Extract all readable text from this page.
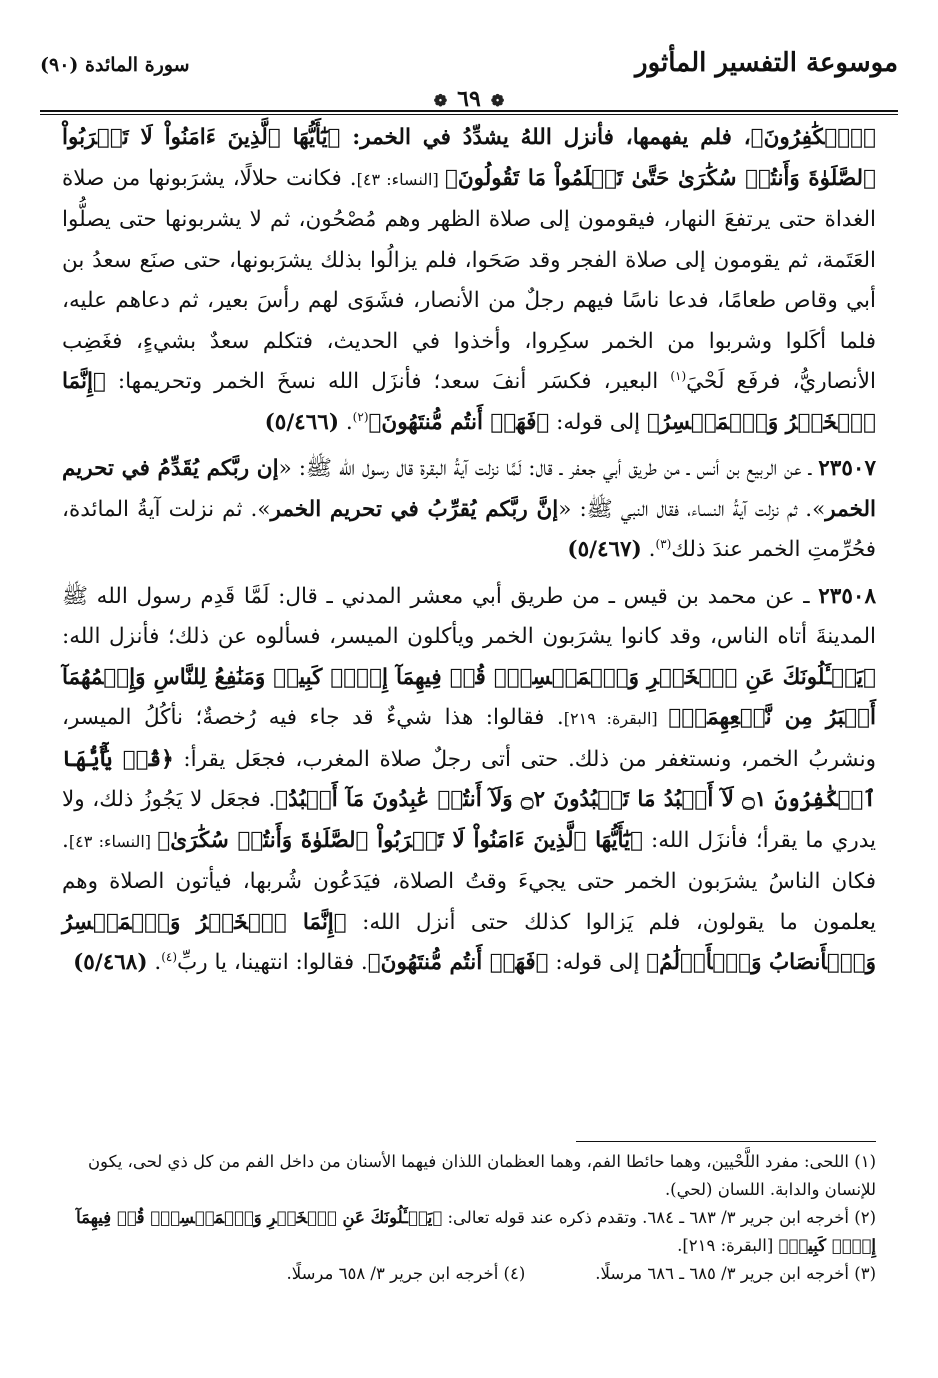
موسوعة التفسير المأثور
سورة المائدة (٩٠)
❁٦٩❁

﴿ٱلۡكَٰفِرُونَ﴾، فلم يفهمها، فأنزل اللهُ يشدِّدُ في الخمر: ﴿يَٰٓأَيُّهَا ٱلَّذِينَ ءَامَنُواْ لَا تَقۡرَبُواْ ٱلصَّلَوٰةَ وَأَنتُمۡ سُكَٰرَىٰ حَتَّىٰ تَعۡلَمُواْ مَا تَقُولُونَ﴾ [النساء: ٤٣]. فكانت حلالًا، يشرَبونها من صلاة الغداة حتى يرتفعَ النهار، فيقومون إلى صلاة الظهر وهم مُصْحُون، ثم لا يشربونها حتى يصلُّوا العَتَمة، ثم يقومون إلى صلاة الفجر وقد صَحَوا، فلم يزالُوا بذلك يشرَبونها، حتى صنَع سعدُ بن أبي وقاص طعامًا، فدعا ناسًا فيهم رجلٌ من الأنصار، فشَوَى لهم رأسَ بعير، ثم دعاهم عليه، فلما أكَلوا وشربوا من الخمر سكِروا، وأخذوا في الحديث، فتكلم سعدٌ بشيءٍ، فغَضِب الأنصاريُّ، فرفَع لَحْيَ$^{(١)}$ البعير، فكسَر أنفَ سعد؛ فأنزَل الله نسخَ الخمر وتحريمها: ﴿إِنَّمَا ٱلۡخَمۡرُ وَٱلۡمَيۡسِرُ﴾ إلى قوله: ﴿فَهَلۡ أَنتُم مُّنتَهُونَ﴾$^{(٢)}$. (٥/٤٦٦)

٢٣٥٠٧ ـ عن الربيع بن أنس ـ من طريق أبي جعفر ـ قال: لَمَّا نزلت آيةُ البقرة قال رسول الله ﷺ: «إن ربَّكم يُقَدِّمُ في تحريم الخمر». ثم نزلت آيةُ النساء، فقال النبي ﷺ: «إنَّ ربَّكم يُقرِّبُ في تحريم الخمر». ثم نزلت آيةُ المائدة، فحُرِّمتِ الخمر عندَ ذلك$^{(٣)}$. (٥/٤٦٧)

٢٣٥٠٨ ـ عن محمد بن قيس ـ من طريق أبي معشر المدني ـ قال: لَمَّا قَدِم رسول الله ﷺ المدينةَ أتاه الناس، وقد كانوا يشرَبون الخمر ويأكلون الميسر، فسألوه عن ذلك؛ فأنزل الله: ﴿يَسۡـَٔلُونَكَ عَنِ ٱلۡخَمۡرِ وَٱلۡمَيۡسِرِۖ قُلۡ فِيهِمَآ إِثۡمٞ كَبِيرٞ وَمَنَٰفِعُ لِلنَّاسِ وَإِثۡمُهُمَآ أَكۡبَرُ مِن نَّفۡعِهِمَاۗ﴾ [البقرة: ٢١٩]. فقالوا: هذا شيءٌ قد جاء فيه رُخصةٌ؛ نأكُلُ الميسر، ونشربُ الخمر، ونستغفر من ذلك. حتى أتى رجلٌ صلاة المغرب، فجعَل يقرأ: ﴿قُلۡ يَٰٓأَيُّهَا ٱلۡكَٰفِرُونَ ۝١ لَآ أَعۡبُدُ مَا تَعۡبُدُونَ ۝٢ وَلَآ أَنتُمۡ عَٰبِدُونَ مَآ أَعۡبُدُ﴾. فجعَل لا يَجُوزُ ذلك، ولا يدري ما يقرأ؛ فأنزَل الله: ﴿يَٰٓأَيُّهَا ٱلَّذِينَ ءَامَنُواْ لَا تَقۡرَبُواْ ٱلصَّلَوٰةَ وَأَنتُمۡ سُكَٰرَىٰ﴾ [النساء: ٤٣]. فكان الناسُ يشرَبون الخمر حتى يجيءَ وقتُ الصلاة، فيَدَعُون شُربها، فيأتون الصلاة وهم يعلمون ما يقولون، فلم يَزالوا كذلك حتى أنزل الله: ﴿إِنَّمَا ٱلۡخَمۡرُ وَٱلۡمَيۡسِرُ وَٱلۡأَنصَابُ وَٱلۡأَزۡلَٰمُ﴾ إلى قوله: ﴿فَهَلۡ أَنتُم مُّنتَهُونَ﴾. فقالوا: انتهينا، يا ربِّ$^{(٤)}$. (٥/٤٦٨)

(١) اللحى: مفرد اللَّحْيين، وهما حائطا الفم، وهما العظمان اللذان فيهما الأسنان من داخل الفم من كل ذي لحى، يكون للإنسان والدابة. اللسان (لحي).

(٢) أخرجه ابن جرير ٣/ ٦٨٣ ـ ٦٨٤. وتقدم ذكره عند قوله تعالى: ﴿يَسۡـَٔلُونَكَ عَنِ ٱلۡخَمۡرِ وَٱلۡمَيۡسِرِۖ قُلۡ فِيهِمَآ إِثۡمٞ كَبِيرٞ﴾ [البقرة: ٢١٩].

(٣) أخرجه ابن جرير ٣/ ٦٨٥ ـ ٦٨٦ مرسلًا.
(٤) أخرجه ابن جرير ٣/ ٦٥٨ مرسلًا.
